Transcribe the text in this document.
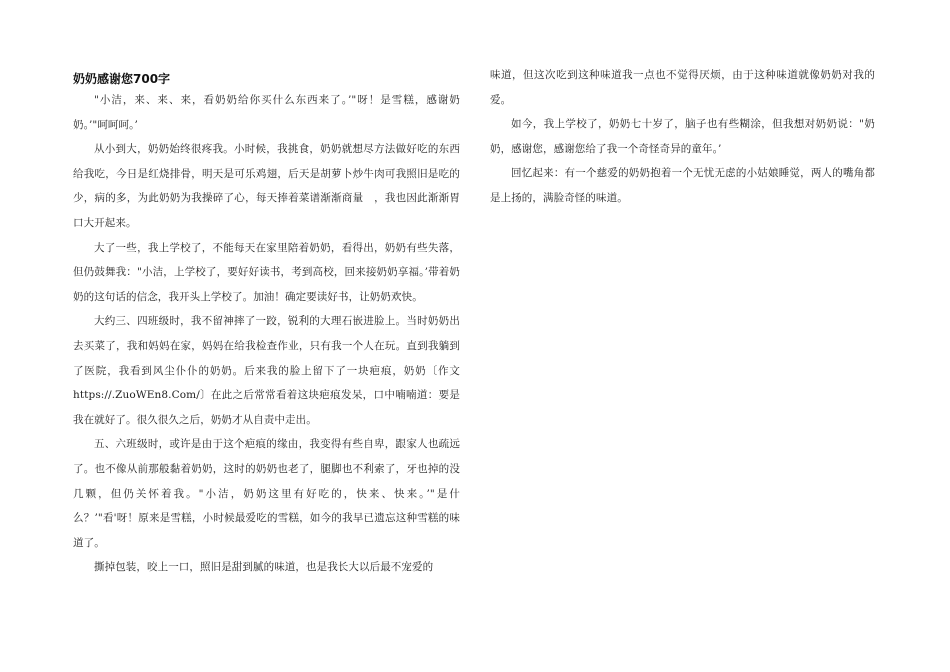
奶奶感谢您700字

"小洁，来、来、来，看奶奶给你买什么东西来了。’"呀！是雪糕，感谢奶奶。’"呵呵呵。’

从小到大，奶奶始终很疼我。小时候，我挑食，奶奶就想尽方法做好吃的东西给我吃，今日是红烧排骨，明天是可乐鸡翅，后天是胡萝卜炒牛肉可我照旧是吃的少，病的多，为此奶奶为我操碎了心，每天捧着菜谱渐渐商量　，我也因此渐渐胃口大开起来。

大了一些，我上学校了，不能每天在家里陪着奶奶，看得出，奶奶有些失落，但仍鼓舞我："小洁，上学校了，要好好读书，考到高校，回来接奶奶享福。’带着奶奶的这句话的信念，我开头上学校了。加油！确定要读好书，让奶奶欢快。

大约三、四班级时，我不留神摔了一跤，锐利的大理石嵌进脸上。当时奶奶出去买菜了，我和妈妈在家，妈妈在给我检查作业，只有我一个人在玩。直到我躺到了医院，我看到风尘仆仆的奶奶。后来我的脸上留下了一块疤痕，奶奶〔作文https://.ZuoWEn8.Com/〕在此之后常常看着这块疤痕发呆，口中喃喃道：要是我在就好了。很久很久之后，奶奶才从自责中走出。

五、六班级时，或许是由于这个疤痕的缘由，我变得有些自卑，跟家人也疏远了。也不像从前那般黏着奶奶，这时的奶奶也老了，腿脚也不利索了，牙也掉的没几颗，但仍关怀着我。"小洁，奶奶这里有好吃的，快来、快来。’"是什么？’"看'呀！原来是雪糕，小时候最爱吃的雪糕，如今的我早已遗忘这种雪糕的味道了。

撕掉包装，咬上一口，照旧是甜到腻的味道，也是我长大以后最不宠爱的

味道，但这次吃到这种味道我一点也不觉得厌烦，由于这种味道就像奶奶对我的爱。

如今，我上学校了，奶奶七十岁了，脑子也有些糊涂，但我想对奶奶说："奶奶，感谢您，感谢您给了我一个奇怪奇异的童年。’

回忆起来：有一个慈爱的奶奶抱着一个无忧无虑的小姑娘睡觉，两人的嘴角都是上扬的，满脸奇怪的味道。
